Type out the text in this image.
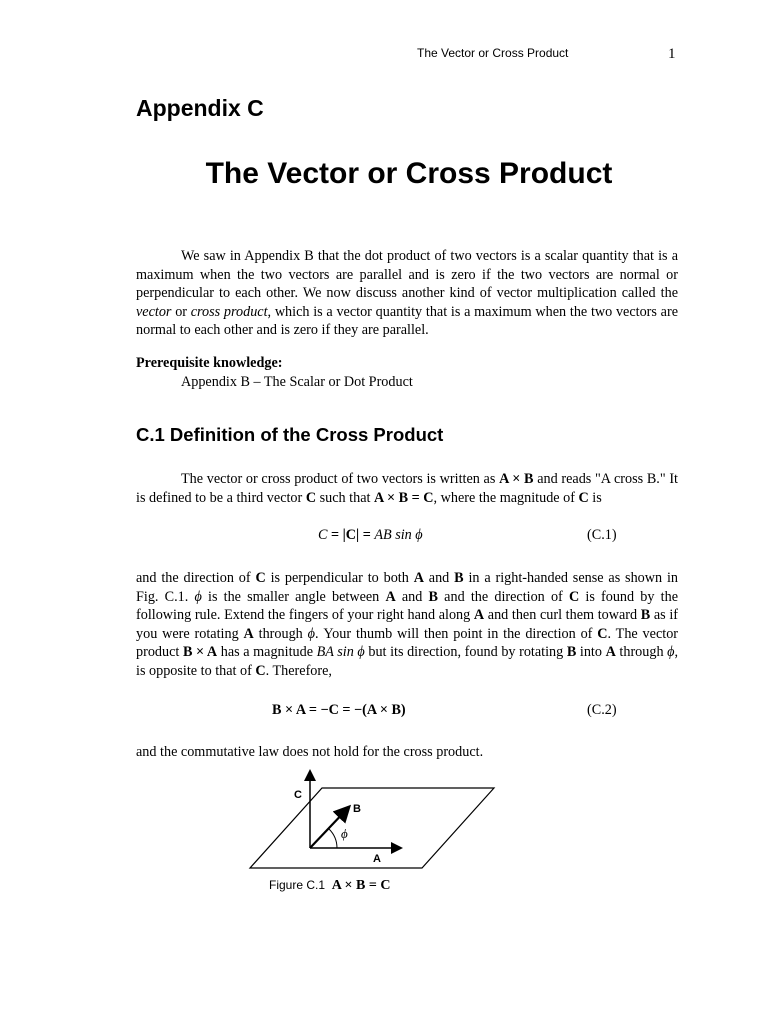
The Vector or Cross Product	1
Appendix C
The Vector or Cross Product

We saw in Appendix B that the dot product of two vectors is a scalar quantity that is a maximum when the two vectors are parallel and is zero if the two vectors are normal or perpendicular to each other. We now discuss another kind of vector multiplication called the vector or cross product, which is a vector quantity that is a maximum when the two vectors are normal to each other and is zero if they are parallel.

Prerequisite knowledge:
Appendix B – The Scalar or Dot Product
C.1 Definition of the Cross Product

The vector or cross product of two vectors is written as A × B and reads "A cross B." It is defined to be a third vector C such that A × B = C, where the magnitude of C is

C = |C| = AB sin ϕ	(C.1)

and the direction of C is perpendicular to both A and B in a right-handed sense as shown in Fig. C.1. ϕ is the smaller angle between A and B and the direction of C is found by the following rule. Extend the fingers of your right hand along A and then curl them toward B as if you were rotating A through ϕ. Your thumb will then point in the direction of C. The vector product B × A has a magnitude BA sin ϕ but its direction, found by rotating B into A through ϕ, is opposite to that of C. Therefore,

B × A = −C = −(A × B)	(C.2)
and the commutative law does not hold for the cross product.
C
B
A
ϕ
Figure C.1 A × B = C
